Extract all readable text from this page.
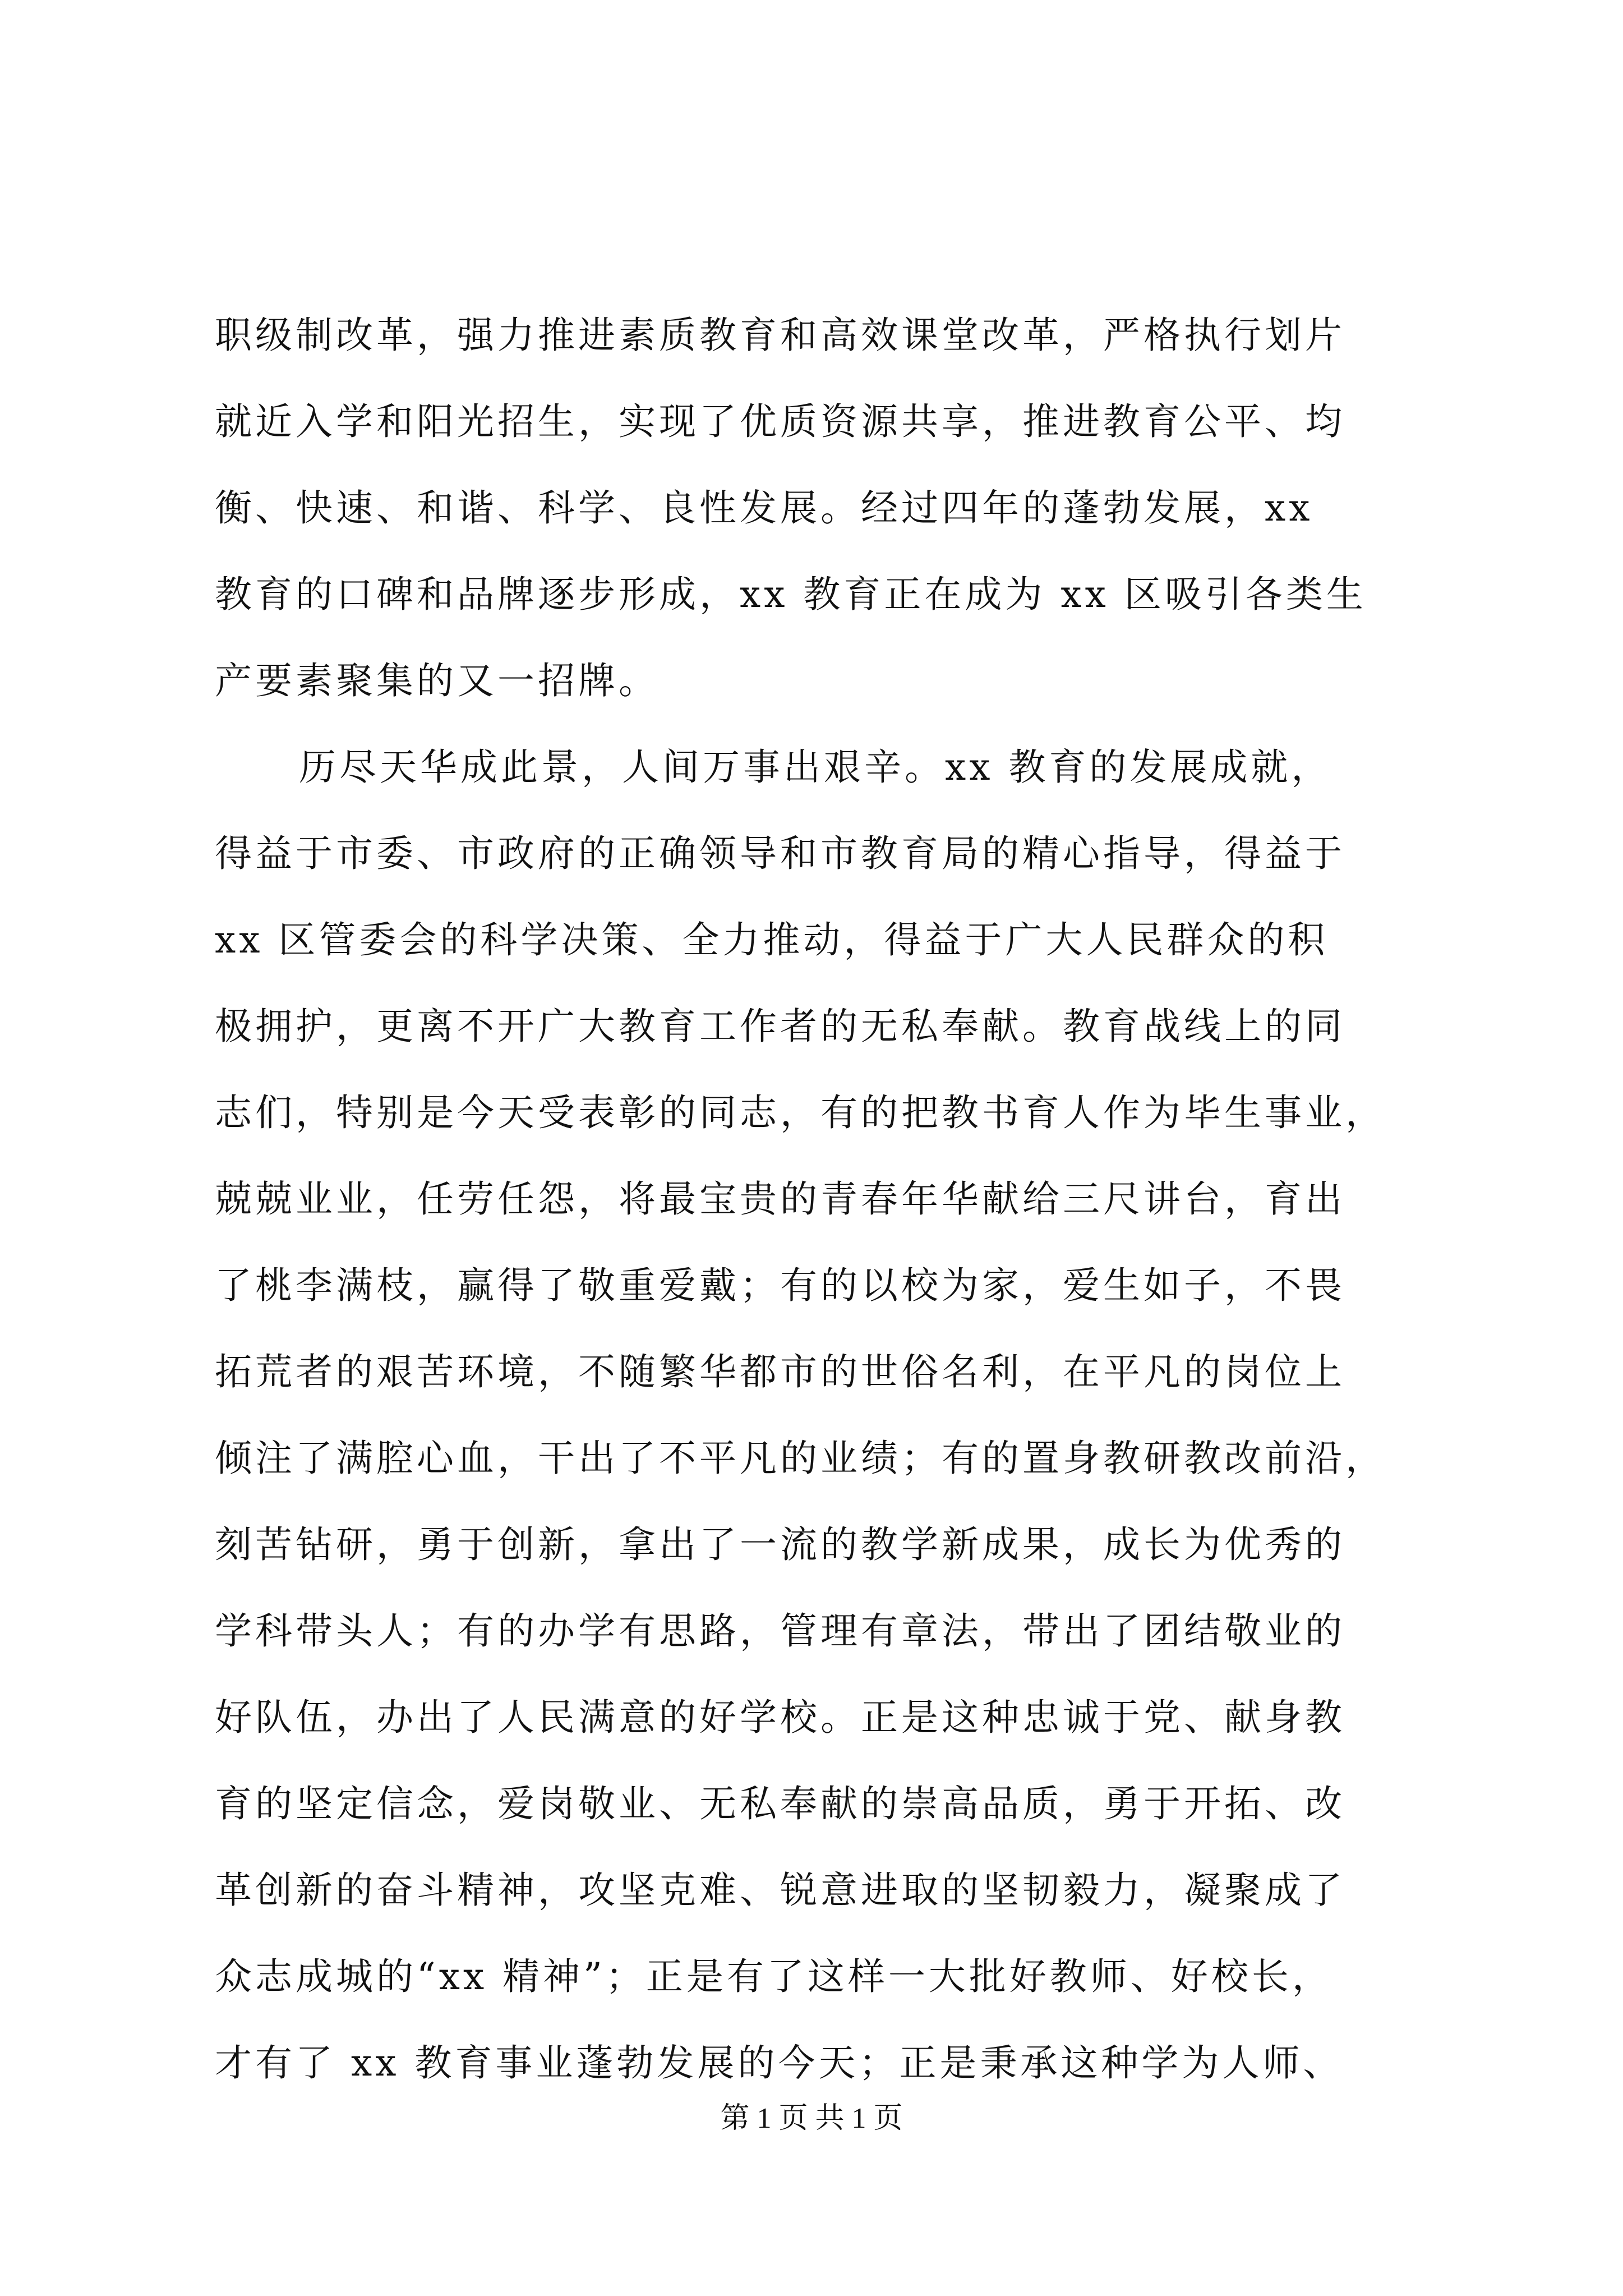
职级制改革，强力推进素质教育和高效课堂改革，严格执行划片
就近入学和阳光招生，实现了优质资源共享，推进教育公平、均
衡、快速、和谐、科学、良性发展。经过四年的蓬勃发展，xx
教育的口碑和品牌逐步形成，xx 教育正在成为 xx 区吸引各类生
产要素聚集的又一招牌。
历尽天华成此景，人间万事出艰辛。xx 教育的发展成就，
得益于市委、市政府的正确领导和市教育局的精心指导，得益于
xx 区管委会的科学决策、全力推动，得益于广大人民群众的积
极拥护，更离不开广大教育工作者的无私奉献。教育战线上的同
志们，特别是今天受表彰的同志，有的把教书育人作为毕生事业，
兢兢业业，任劳任怨，将最宝贵的青春年华献给三尺讲台，育出
了桃李满枝，赢得了敬重爱戴；有的以校为家，爱生如子，不畏
拓荒者的艰苦环境，不随繁华都市的世俗名利，在平凡的岗位上
倾注了满腔心血，干出了不平凡的业绩；有的置身教研教改前沿，
刻苦钻研，勇于创新，拿出了一流的教学新成果，成长为优秀的
学科带头人；有的办学有思路，管理有章法，带出了团结敬业的
好队伍，办出了人民满意的好学校。正是这种忠诚于党、献身教
育的坚定信念，爱岗敬业、无私奉献的崇高品质，勇于开拓、改
革创新的奋斗精神，攻坚克难、锐意进取的坚韧毅力，凝聚成了
众志成城的“xx 精神”；正是有了这样一大批好教师、好校长，
才有了 xx 教育事业蓬勃发展的今天；正是秉承这种学为人师、
第 1 页 共 1 页
